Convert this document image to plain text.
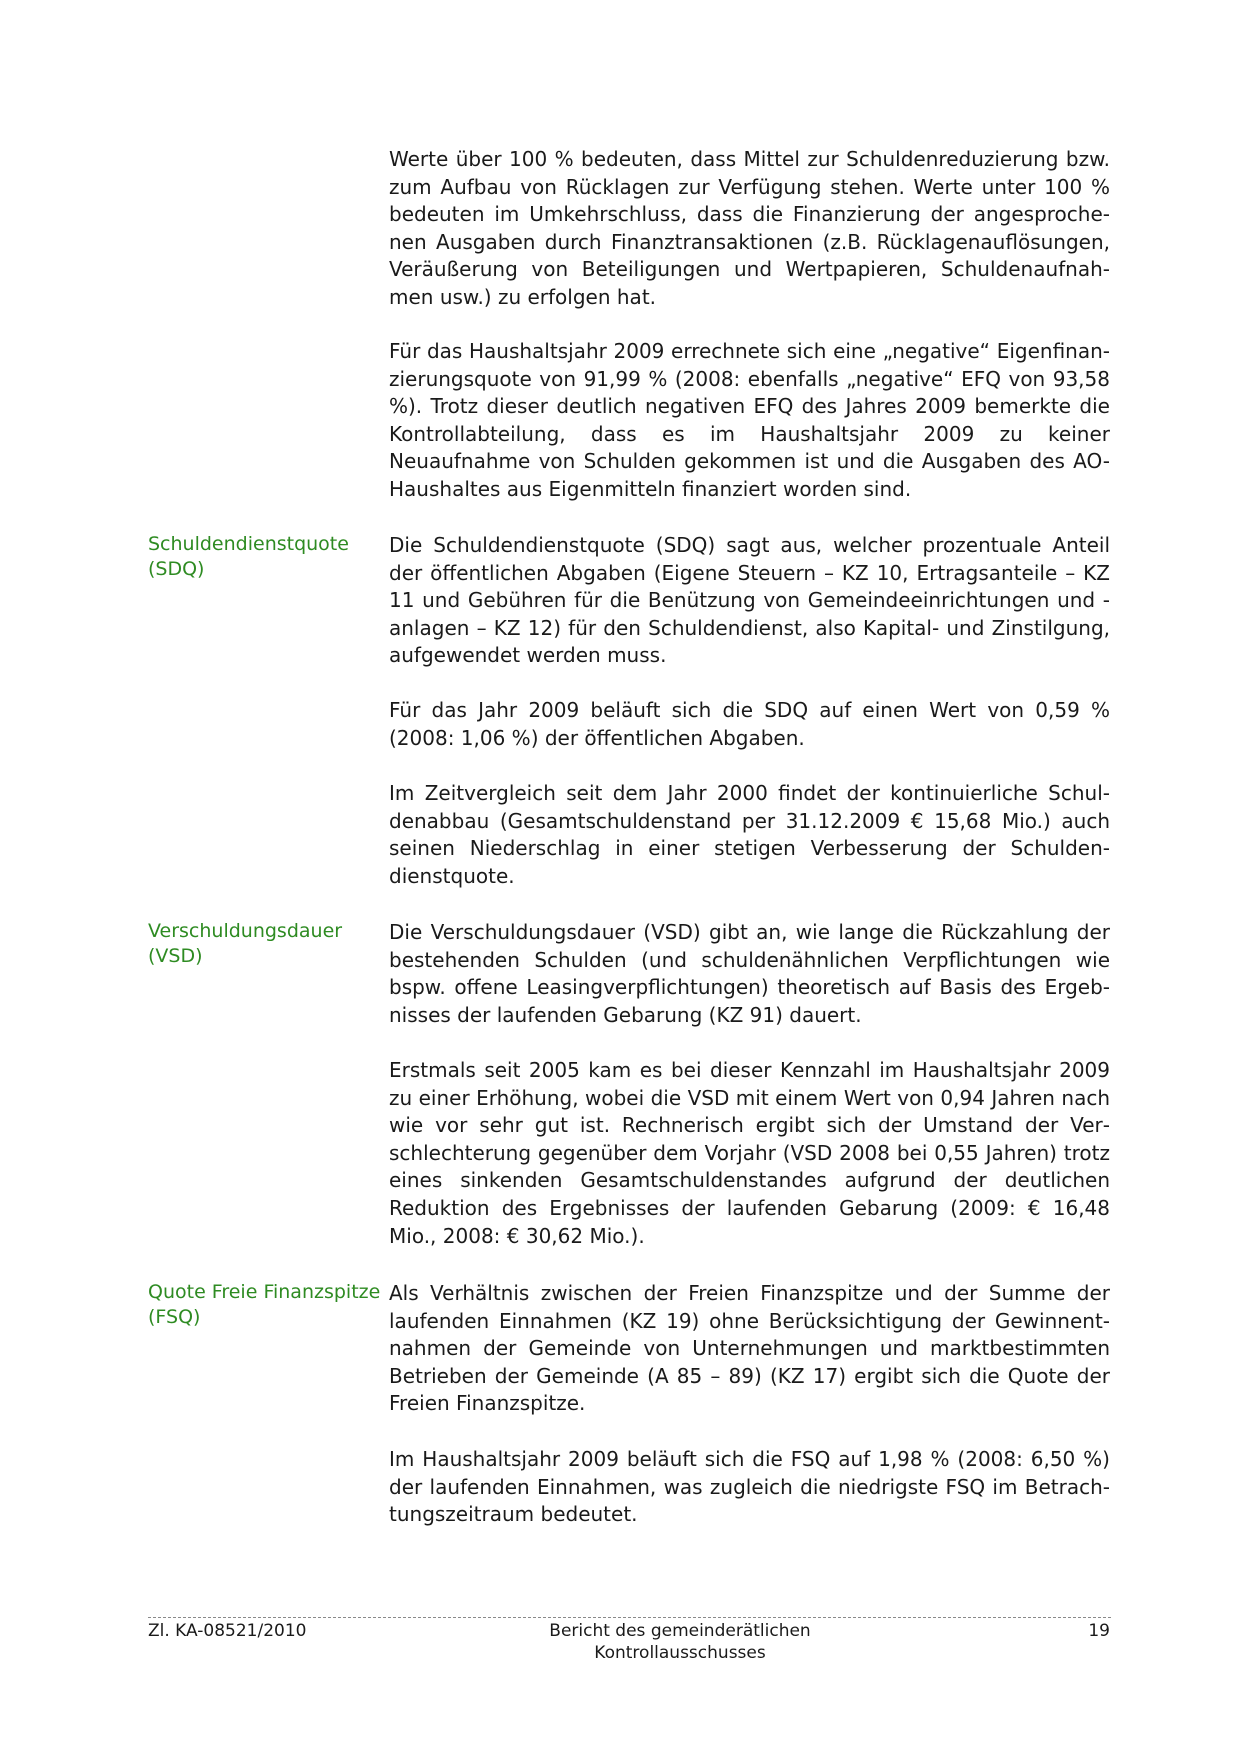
Werte über 100 % bedeuten, dass Mittel zur Schuldenreduzierung bzw. zum Aufbau von Rücklagen zur Verfügung stehen. Werte unter 100 % bedeuten im Umkehrschluss, dass die Finanzierung der angesprochenen Ausgaben durch Finanztransaktionen (z.B. Rücklagenauflösungen, Veräußerung von Beteiligungen und Wertpapieren, Schuldenaufnahmen usw.) zu erfolgen hat.

Für das Haushaltsjahr 2009 errechnete sich eine „negative“ Eigenfinanzierungsquote von 91,99 % (2008: ebenfalls „negative“ EFQ von 93,58 %). Trotz dieser deutlich negativen EFQ des Jahres 2009 bemerkte die Kontrollabteilung, dass es im Haushaltsjahr 2009 zu keiner Neuaufnahme von Schulden gekommen ist und die Ausgaben des AO-Haushaltes aus Eigenmitteln finanziert worden sind.

Schuldendienstquote
(SDQ)

Die Schuldendienstquote (SDQ) sagt aus, welcher prozentuale Anteil der öffentlichen Abgaben (Eigene Steuern – KZ 10, Ertragsanteile – KZ 11 und Gebühren für die Benützung von Gemeindeeinrichtungen und -anlagen – KZ 12) für den Schuldendienst, also Kapital- und Zinstilgung, aufgewendet werden muss.

Für das Jahr 2009 beläuft sich die SDQ auf einen Wert von 0,59 % (2008: 1,06 %) der öffentlichen Abgaben.

Im Zeitvergleich seit dem Jahr 2000 findet der kontinuierliche Schuldenabbau (Gesamtschuldenstand per 31.12.2009 € 15,68 Mio.) auch seinen Niederschlag in einer stetigen Verbesserung der Schuldendienstquote.

Verschuldungsdauer
(VSD)

Die Verschuldungsdauer (VSD) gibt an, wie lange die Rückzahlung der bestehenden Schulden (und schuldenähnlichen Verpflichtungen wie bspw. offene Leasingverpflichtungen) theoretisch auf Basis des Ergebnisses der laufenden Gebarung (KZ 91) dauert.

Erstmals seit 2005 kam es bei dieser Kennzahl im Haushaltsjahr 2009 zu einer Erhöhung, wobei die VSD mit einem Wert von 0,94 Jahren nach wie vor sehr gut ist. Rechnerisch ergibt sich der Umstand der Verschlechterung gegenüber dem Vorjahr (VSD 2008 bei 0,55 Jahren) trotz eines sinkenden Gesamtschuldenstandes aufgrund der deutlichen Reduktion des Ergebnisses der laufenden Gebarung (2009: € 16,48 Mio., 2008: € 30,62 Mio.).

Quote Freie Finanzspitze
(FSQ)

Als Verhältnis zwischen der Freien Finanzspitze und der Summe der laufenden Einnahmen (KZ 19) ohne Berücksichtigung der Gewinnentnahmen der Gemeinde von Unternehmungen und marktbestimmten Betrieben der Gemeinde (A 85 – 89) (KZ 17) ergibt sich die Quote der Freien Finanzspitze.

Im Haushaltsjahr 2009 beläuft sich die FSQ auf 1,98 % (2008: 6,50 %) der laufenden Einnahmen, was zugleich die niedrigste FSQ im Betrachtungszeitraum bedeutet.

Zl. KA-08521/2010	Bericht des gemeinderätlichen Kontrollausschusses
19
